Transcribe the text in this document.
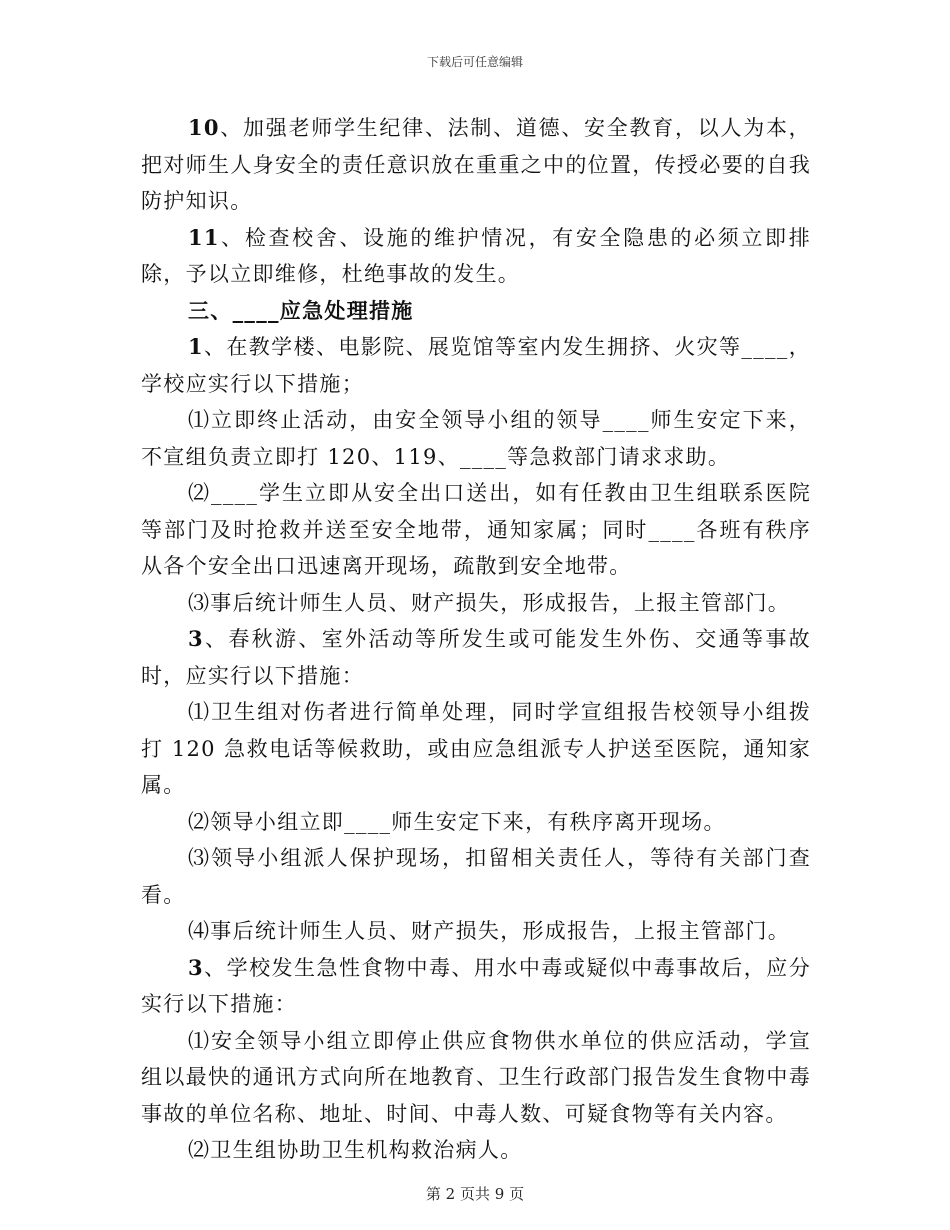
下载后可任意编辑

10、加强老师学生纪律、法制、道德、安全教育，以人为本，把对师生人身安全的责任意识放在重重之中的位置，传授必要的自我防护知识。

11、检查校舍、设施的维护情况，有安全隐患的必须立即排除，予以立即维修，杜绝事故的发生。

三、____应急处理措施

1、在教学楼、电影院、展览馆等室内发生拥挤、火灾等____，学校应实行以下措施；

⑴立即终止活动，由安全领导小组的领导____师生安定下来，不宣组负责立即打 120、119、____等急救部门请求求助。

⑵____学生立即从安全出口送出，如有任教由卫生组联系医院等部门及时抢救并送至安全地带，通知家属；同时____各班有秩序从各个安全出口迅速离开现场，疏散到安全地带。

⑶事后统计师生人员、财产损失，形成报告，上报主管部门。

3、春秋游、室外活动等所发生或可能发生外伤、交通等事故时，应实行以下措施：

⑴卫生组对伤者进行简单处理，同时学宣组报告校领导小组拨打 120 急救电话等候救助，或由应急组派专人护送至医院，通知家属。

⑵领导小组立即____师生安定下来，有秩序离开现场。

⑶领导小组派人保护现场，扣留相关责任人，等待有关部门查看。

⑷事后统计师生人员、财产损失，形成报告，上报主管部门。

3、学校发生急性食物中毒、用水中毒或疑似中毒事故后，应分实行以下措施：

⑴安全领导小组立即停止供应食物供水单位的供应活动，学宣组以最快的通讯方式向所在地教育、卫生行政部门报告发生食物中毒事故的单位名称、地址、时间、中毒人数、可疑食物等有关内容。

⑵卫生组协助卫生机构救治病人。

第 2 页共 9 页
